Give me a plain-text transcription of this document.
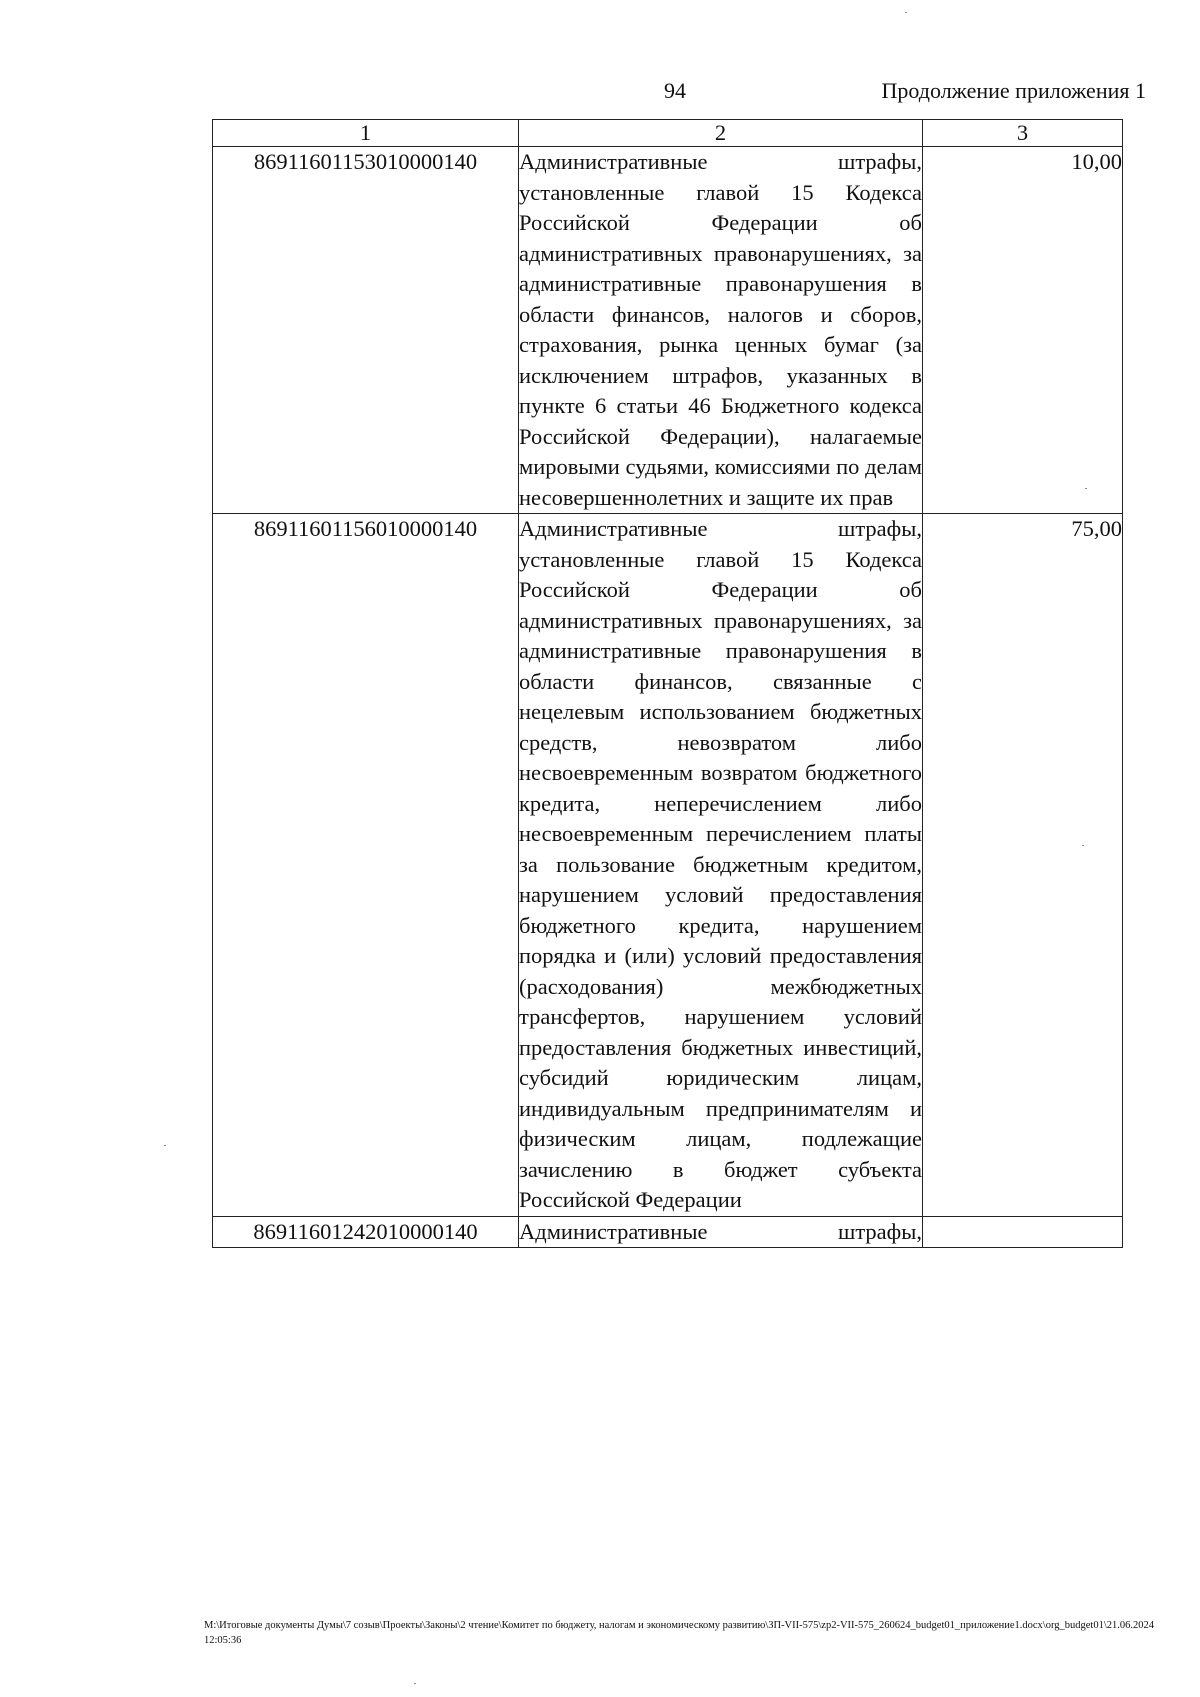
94	Продолжение приложения 1
1	2	3
86911601153010000140	Административные штрафы, установленные главой 15 Кодекса Российской Федерации об административных правонарушениях, за административные правонарушения в области финансов, налогов и сборов, страхования, рынка ценных бумаг (за исключением штрафов, указанных в пункте 6 статьи 46 Бюджетного кодекса Российской Федерации), налагаемые мировыми судьями, комиссиями по делам несовершеннолетних и защите их прав	10,00
86911601156010000140	Административные штрафы, установленные главой 15 Кодекса Российской Федерации об административных правонарушениях, за административные правонарушения в области финансов, связанные с нецелевым использованием бюджетных средств, невозвратом либо несвоевременным возвратом бюджетного кредита, неперечислением либо несвоевременным перечислением платы за пользование бюджетным кредитом, нарушением условий предоставления бюджетного кредита, нарушением порядка и (или) условий предоставления (расходования) межбюджетных трансфертов, нарушением условий предоставления бюджетных инвестиций, субсидий юридическим лицам, индивидуальным предпринимателям и физическим лицам, подлежащие зачислению в бюджет субъекта Российской Федерации	75,00
86911601242010000140	Административные штрафы,	

M:\Итоговые документы Думы\7 созыв\Проекты\Законы\2 чтение\Комитет по бюджету, налогам и экономическому развитию\ЗП-VII-575\zp2-VII-575_260624_budget01_приложение1.docx\org_budget01\21.06.2024 12:05:36
